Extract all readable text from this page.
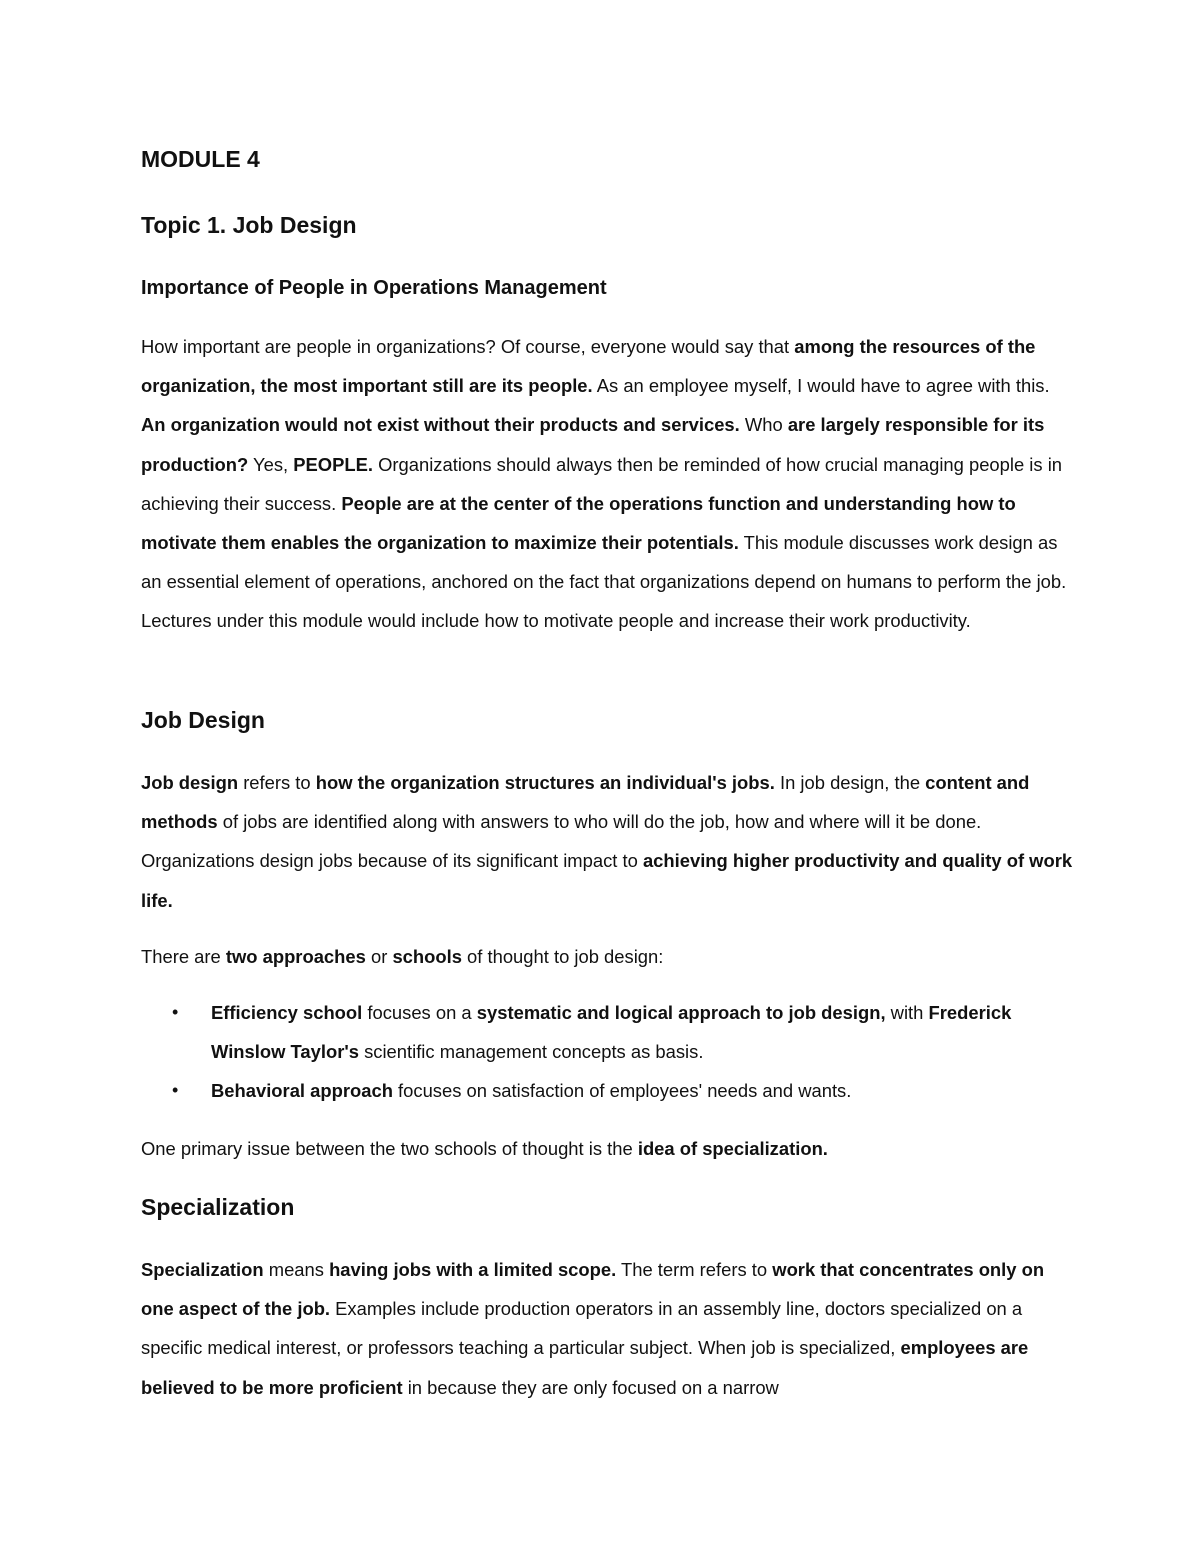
MODULE 4

Topic 1. Job Design

Importance of People in Operations Management

How important are people in organizations? Of course, everyone would say that among the resources of the organization, the most important still are its people. As an employee myself, I would have to agree with this. An organization would not exist without their products and services. Who are largely responsible for its production? Yes, PEOPLE. Organizations should always then be reminded of how crucial managing people is in achieving their success. People are at the center of the operations function and understanding how to motivate them enables the organization to maximize their potentials. This module discusses work design as an essential element of operations, anchored on the fact that organizations depend on humans to perform the job. Lectures under this module would include how to motivate people and increase their work productivity.

Job Design

Job design refers to how the organization structures an individual's jobs. In job design, the content and methods of jobs are identified along with answers to who will do the job, how and where will it be done. Organizations design jobs because of its significant impact to achieving higher productivity and quality of work life.

There are two approaches or schools of thought to job design:

• Efficiency school focuses on a systematic and logical approach to job design, with Frederick Winslow Taylor's scientific management concepts as basis.
• Behavioral approach focuses on satisfaction of employees' needs and wants.

One primary issue between the two schools of thought is the idea of specialization.

Specialization

Specialization means having jobs with a limited scope. The term refers to work that concentrates only on one aspect of the job. Examples include production operators in an assembly line, doctors specialized on a specific medical interest, or professors teaching a particular subject. When job is specialized, employees are believed to be more proficient in because they are only focused on a narrow
